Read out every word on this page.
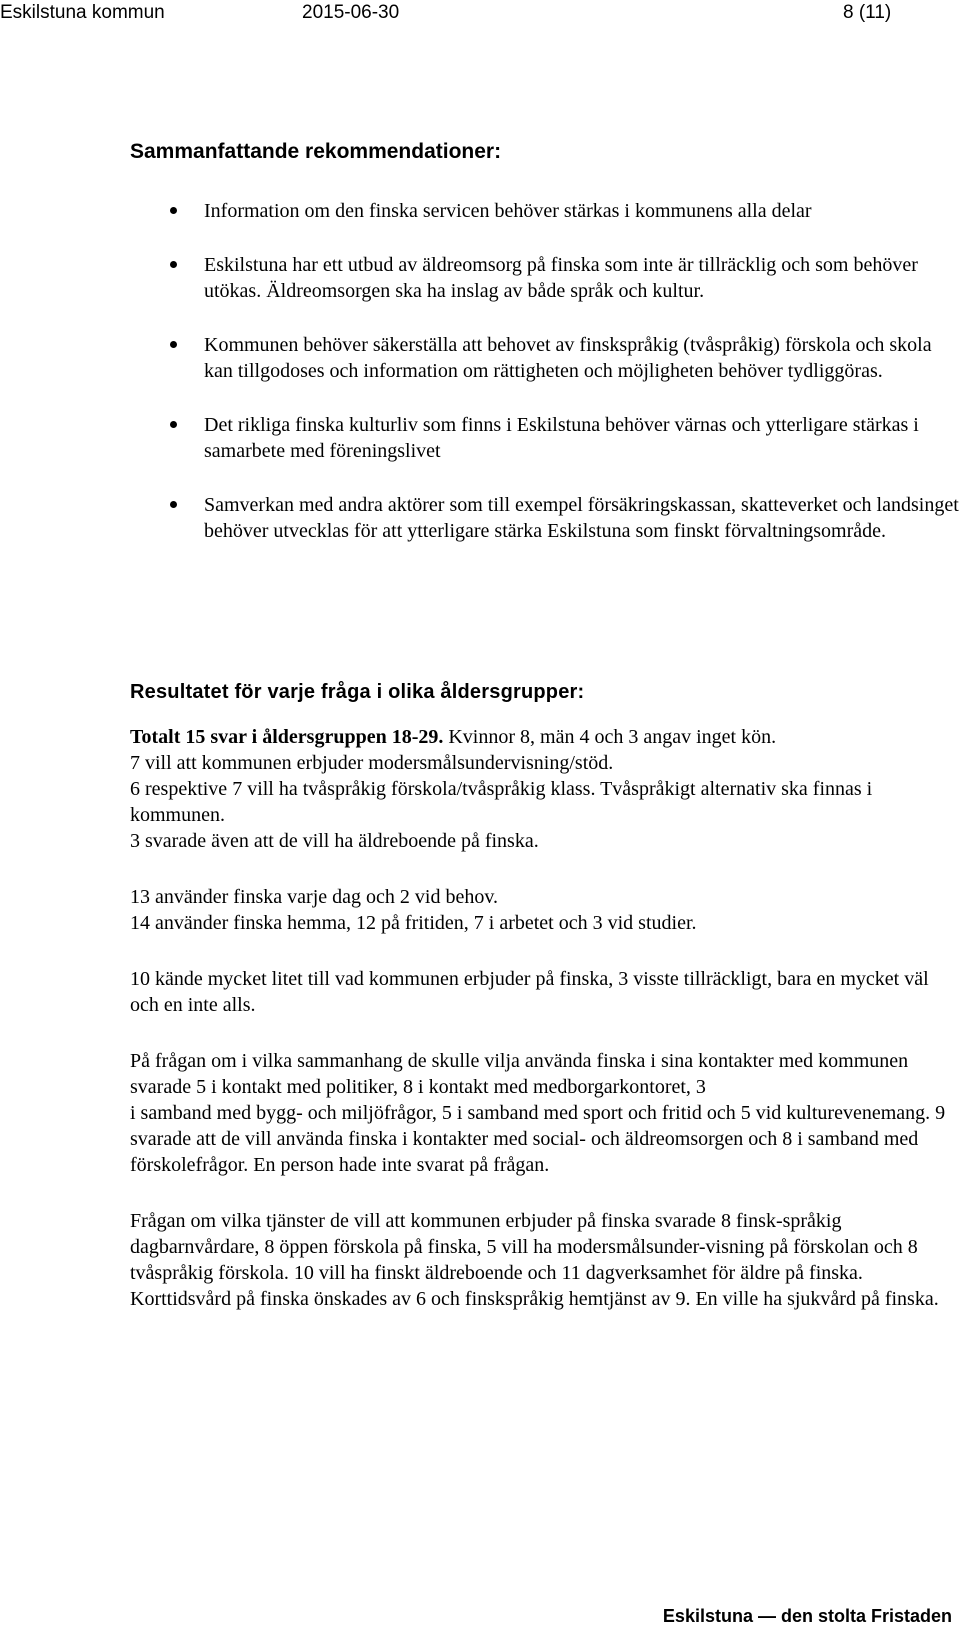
Eskilstuna kommun	2015-06-30	8 (11)
Sammanfattande rekommendationer:
Information om den finska servicen behöver stärkas i kommunens alla delar
Eskilstuna har ett utbud av äldreomsorg på finska som inte är tillräcklig och som behöver utökas. Äldreomsorgen ska ha inslag av både språk och kultur.
Kommunen behöver säkerställa att behovet av finskspråkig (tvåspråkig) förskola och skola kan tillgodoses och information om rättigheten och möjligheten behöver tydliggöras.
Det rikliga finska kulturliv som finns i Eskilstuna behöver värnas och ytterligare stärkas i samarbete med föreningslivet
Samverkan med andra aktörer som till exempel försäkringskassan, skatteverket och landsinget behöver utvecklas för att ytterligare stärka Eskilstuna som finskt förvaltningsområde.
Resultatet för varje fråga i olika åldersgrupper:

Totalt 15 svar i åldersgruppen 18-29. Kvinnor 8, män 4 och 3 angav inget kön.

7 vill att kommunen erbjuder modersmålsundervisning/stöd.

6 respektive 7 vill ha tvåspråkig förskola/tvåspråkig klass. Tvåspråkigt alternativ ska finnas i kommunen.

3 svarade även att de vill ha äldreboende på finska.

13 använder finska varje dag och 2 vid behov.

14 använder finska hemma, 12 på fritiden, 7 i arbetet och 3 vid studier.

10 kände mycket litet till vad kommunen erbjuder på finska, 3 visste tillräckligt, bara en mycket väl och en inte alls.

På frågan om i vilka sammanhang de skulle vilja använda finska i sina kontakter med kommunen svarade 5 i kontakt med politiker, 8 i kontakt med medborgarkontoret, 3

i samband med bygg- och miljöfrågor, 5 i samband med sport och fritid och 5 vid kulturevenemang. 9 svarade att de vill använda finska i kontakter med social- och äldreomsorgen och 8 i samband med förskolefrågor. En person hade inte svarat på frågan.

Frågan om vilka tjänster de vill att kommunen erbjuder på finska svarade 8 finsk-språkig dagbarnvårdare, 8 öppen förskola på finska, 5 vill ha modersmålsunder-visning på förskolan och 8 tvåspråkig förskola. 10 vill ha finskt äldreboende och 11 dagverksamhet för äldre på finska. Korttidsvård på finska önskades av 6 och finskspråkig hemtjänst av 9. En ville ha sjukvård på finska.

Eskilstuna — den stolta Fristaden
